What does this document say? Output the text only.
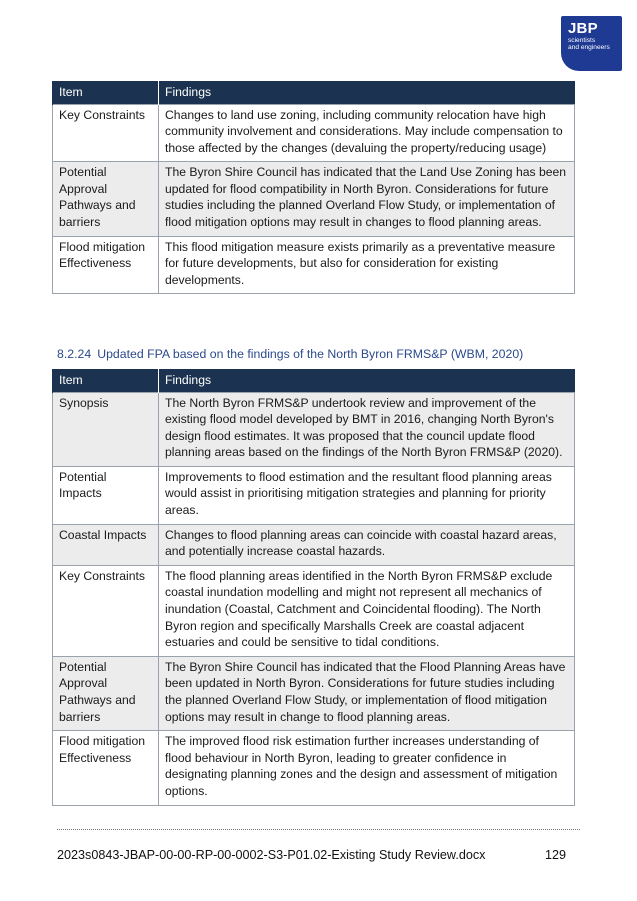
JBP
scientists
and engineers
Item	Findings
Key Constraints	Changes to land use zoning, including community relocation have high community involvement and considerations. May include compensation to those affected by the changes (devaluing the property/reducing usage)
Potential Approval Pathways and barriers	The Byron Shire Council has indicated that the Land Use Zoning has been updated for flood compatibility in North Byron. Considerations for future studies including the planned Overland Flow Study, or implementation of flood mitigation options may result in changes to flood planning areas.
Flood mitigation Effectiveness	This flood mitigation measure exists primarily as a preventative measure for future developments, but also for consideration for existing developments.
8.2.24 Updated FPA based on the findings of the North Byron FRMS&P (WBM, 2020)
Item	Findings
Synopsis	The North Byron FRMS&P undertook review and improvement of the existing flood model developed by BMT in 2016, changing North Byron's design flood estimates. It was proposed that the council update flood planning areas based on the findings of the North Byron FRMS&P (2020).
Potential Impacts	Improvements to flood estimation and the resultant flood planning areas would assist in prioritising mitigation strategies and planning for priority areas.
Coastal Impacts	Changes to flood planning areas can coincide with coastal hazard areas, and potentially increase coastal hazards.
Key Constraints	The flood planning areas identified in the North Byron FRMS&P exclude coastal inundation modelling and might not represent all mechanics of inundation (Coastal, Catchment and Coincidental flooding). The North Byron region and specifically Marshalls Creek are coastal adjacent estuaries and could be sensitive to tidal conditions.
Potential Approval Pathways and barriers	The Byron Shire Council has indicated that the Flood Planning Areas have been updated in North Byron. Considerations for future studies including the planned Overland Flow Study, or implementation of flood mitigation options may result in change to flood planning areas.
Flood mitigation Effectiveness	The improved flood risk estimation further increases understanding of flood behaviour in North Byron, leading to greater confidence in designating planning zones and the design and assessment of mitigation options.
2023s0843-JBAP-00-00-RP-00-0002-S3-P01.02-Existing Study Review.docx	129
